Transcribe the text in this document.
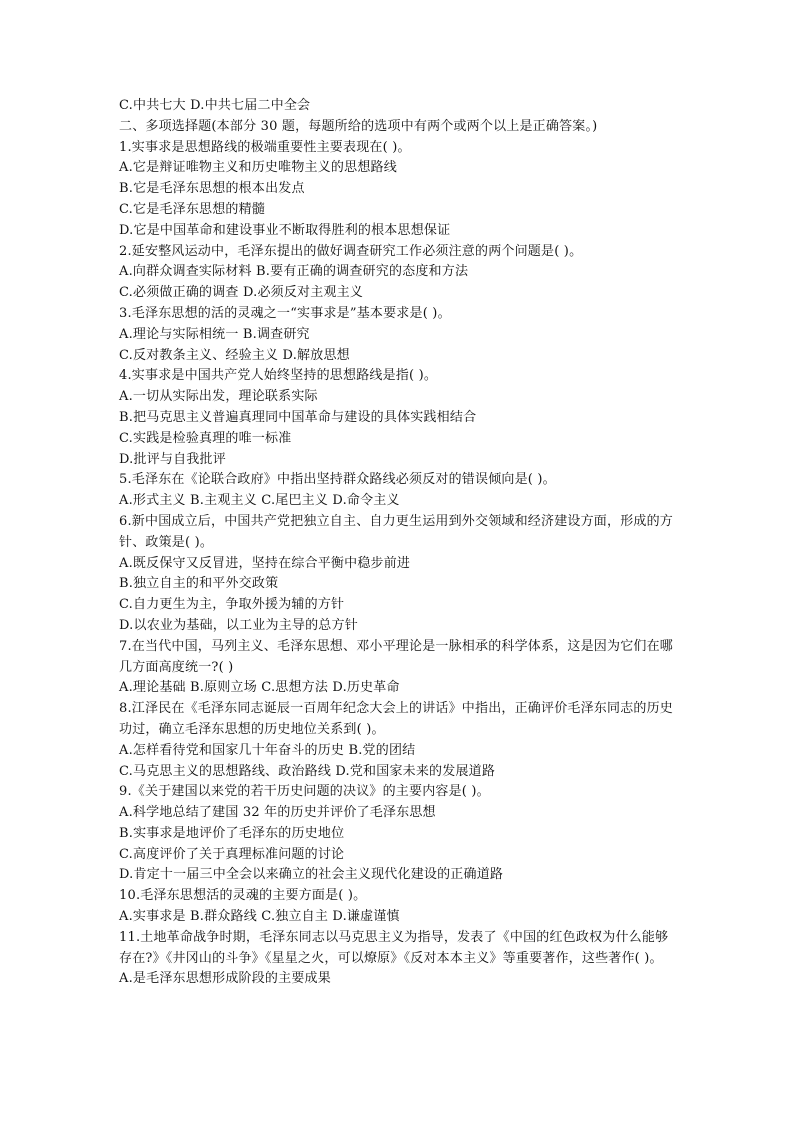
C.中共七大 D.中共七届二中全会
二、多项选择题(本部分 30 题，每题所给的选项中有两个或两个以上是正确答案。)
1.实事求是思想路线的极端重要性主要表现在( )。
A.它是辩证唯物主义和历史唯物主义的思想路线
B.它是毛泽东思想的根本出发点
C.它是毛泽东思想的精髓
D.它是中国革命和建设事业不断取得胜利的根本思想保证
2.延安整风运动中，毛泽东提出的做好调查研究工作必须注意的两个问题是( )。
A.向群众调查实际材料 B.要有正确的调查研究的态度和方法
C.必须做正确的调查 D.必须反对主观主义
3.毛泽东思想的活的灵魂之一“实事求是”基本要求是( )。
A.理论与实际相统一 B.调查研究
C.反对教条主义、经验主义 D.解放思想
4.实事求是中国共产党人始终坚持的思想路线是指( )。
A.一切从实际出发，理论联系实际
B.把马克思主义普遍真理同中国革命与建设的具体实践相结合
C.实践是检验真理的唯一标准
D.批评与自我批评
5.毛泽东在《论联合政府》中指出坚持群众路线必须反对的错误倾向是( )。
A.形式主义 B.主观主义 C.尾巴主义 D.命令主义
6.新中国成立后，中国共产党把独立自主、自力更生运用到外交领域和经济建设方面，形成的方针、政策是( )。
A.既反保守又反冒进，坚持在综合平衡中稳步前进
B.独立自主的和平外交政策
C.自力更生为主，争取外援为辅的方针
D.以农业为基础，以工业为主导的总方针
7.在当代中国，马列主义、毛泽东思想、邓小平理论是一脉相承的科学体系，这是因为它们在哪几方面高度统一?( )
A.理论基础 B.原则立场 C.思想方法 D.历史革命
8.江泽民在《毛泽东同志诞辰一百周年纪念大会上的讲话》中指出，正确评价毛泽东同志的历史功过，确立毛泽东思想的历史地位关系到( )。
A.怎样看待党和国家几十年奋斗的历史 B.党的团结
C.马克思主义的思想路线、政治路线 D.党和国家未来的发展道路
9.《关于建国以来党的若干历史问题的决议》的主要内容是( )。
A.科学地总结了建国 32 年的历史并评价了毛泽东思想
B.实事求是地评价了毛泽东的历史地位
C.高度评价了关于真理标准问题的讨论
D.肯定十一届三中全会以来确立的社会主义现代化建设的正确道路
10.毛泽东思想活的灵魂的主要方面是( )。
A.实事求是 B.群众路线 C.独立自主 D.谦虚谨慎
11.土地革命战争时期，毛泽东同志以马克思主义为指导，发表了《中国的红色政权为什么能够存在?》《井冈山的斗争》《星星之火，可以燎原》《反对本本主义》等重要著作，这些著作( )。
A.是毛泽东思想形成阶段的主要成果
